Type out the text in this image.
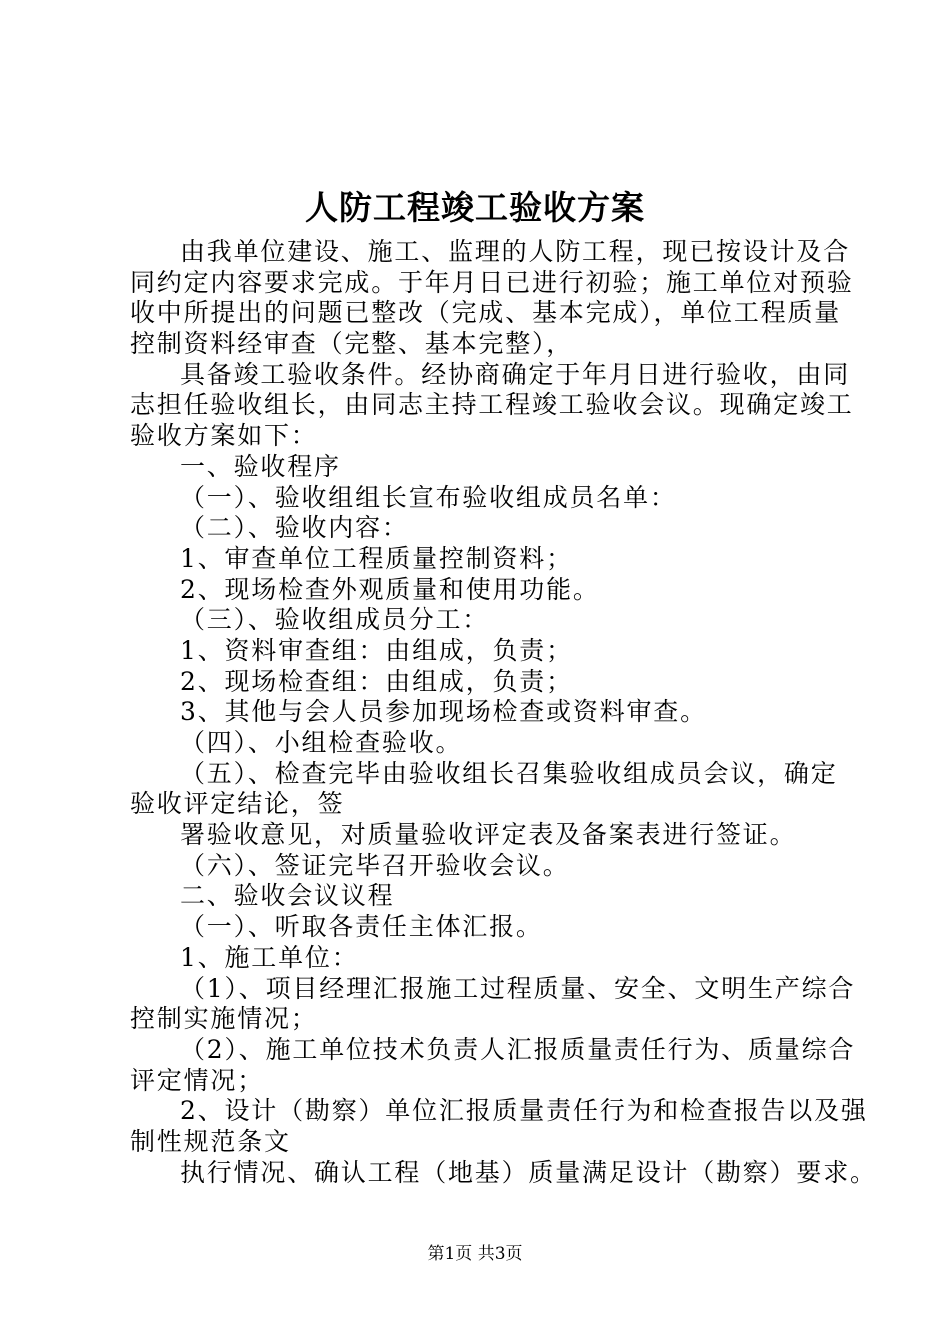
人防工程竣工验收方案
由我单位建设、施工、监理的人防工程，现已按设计及合
同约定内容要求完成。于年月日已进行初验；施工单位对预验
收中所提出的问题已整改（完成、基本完成），单位工程质量
控制资料经审查（完整、基本完整），
具备竣工验收条件。经协商确定于年月日进行验收，由同
志担任验收组长，由同志主持工程竣工验收会议。现确定竣工
验收方案如下：
一、验收程序
（一）、验收组组长宣布验收组成员名单：
（二）、验收内容：
1、审查单位工程质量控制资料；
2、现场检查外观质量和使用功能。
（三）、验收组成员分工：
1、资料审查组：由组成，负责；
2、现场检查组：由组成，负责；
3、其他与会人员参加现场检查或资料审查。
（四）、小组检查验收。
（五）、检查完毕由验收组长召集验收组成员会议，确定
验收评定结论，签
署验收意见，对质量验收评定表及备案表进行签证。
（六）、签证完毕召开验收会议。
二、验收会议议程
（一）、听取各责任主体汇报。
1、施工单位：
（1）、项目经理汇报施工过程质量、安全、文明生产综合
控制实施情况；
（2）、施工单位技术负责人汇报质量责任行为、质量综合
评定情况；
2、设计（勘察）单位汇报质量责任行为和检查报告以及强
制性规范条文
执行情况、确认工程（地基）质量满足设计（勘察）要求。
第1页 共3页
